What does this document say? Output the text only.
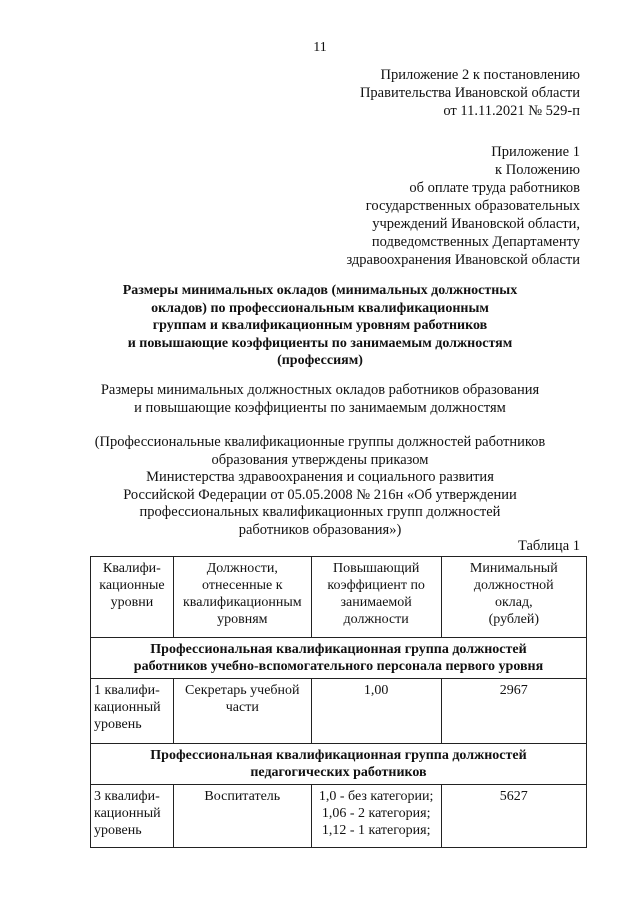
11
Приложение 2 к постановлению
Правительства Ивановской области
от 11.11.2021 № 529-п
Приложение 1
к Положению
об оплате труда работников
государственных образовательных
учреждений Ивановской области,
подведомственных Департаменту
здравоохранения Ивановской области
Размеры минимальных окладов (минимальных должностных
окладов) по профессиональным квалификационным
группам и квалификационным уровням работников
и повышающие коэффициенты по занимаемым должностям
(профессиям)
Размеры минимальных должностных окладов работников образования
и повышающие коэффициенты по занимаемым должностям
(Профессиональные квалификационные группы должностей работников
образования утверждены приказом
Министерства здравоохранения и социального развития
Российской Федерации от 05.05.2008 № 216н «Об утверждении
профессиональных квалификационных групп должностей
работников образования»)
Таблица 1
Квалифи-
кационные
уровни	Должности,
отнесенные к
квалификационным
уровням	Повышающий
коэффициент по
занимаемой
должности	Минимальный
должностной
оклад,
(рублей)

Профессиональная квалификационная группа должностей
работников учебно-вспомогательного персонала первого уровня			

1 квалифи-
кационный
уровень	Секретарь учебной
части	1,00	2967

Профессиональная квалификационная группа должностей
педагогических работников			

3 квалифи-
кационный
уровень	Воспитатель	1,0 - без категории;
1,06 - 2 категория;
1,12 - 1 категория;	5627
